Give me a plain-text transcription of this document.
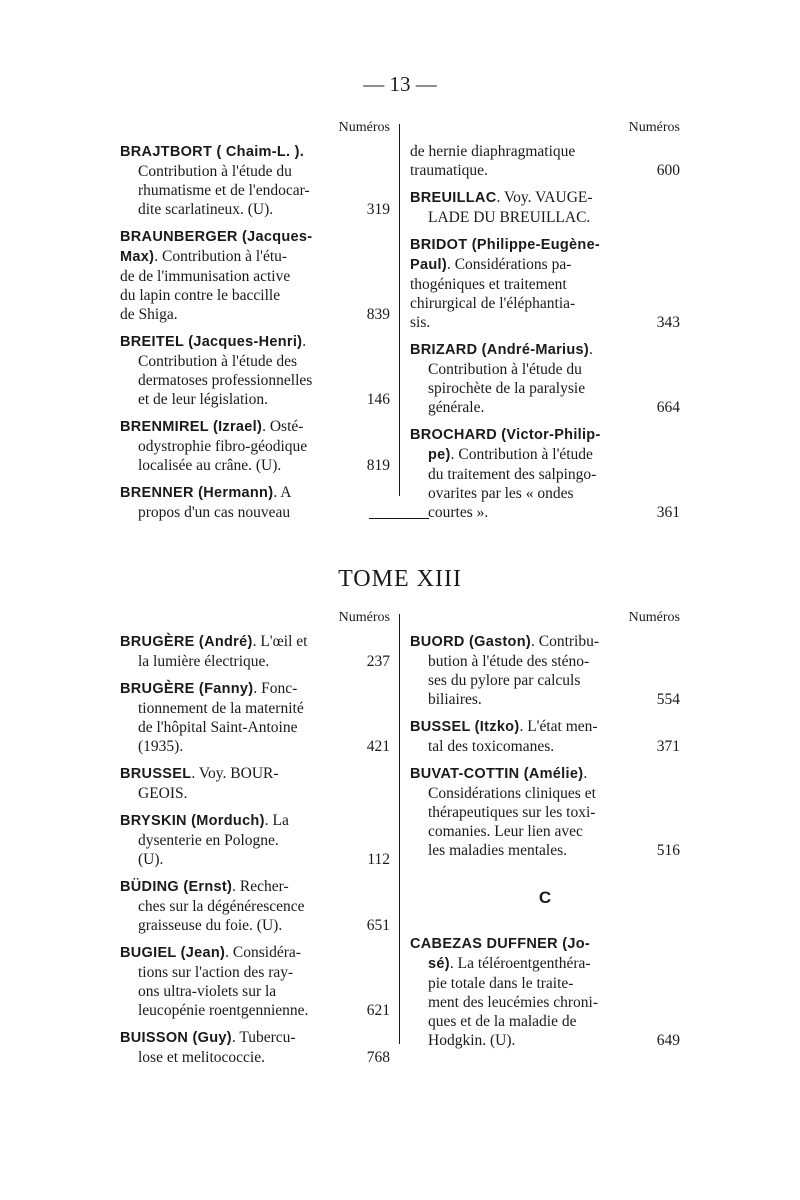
— 13 —
Numéros
BRAJTBORT ( Chaim-L. ).
Contribution à l'étude du
rhumatisme et de l'endocar-
dite scarlatineux. (U).	319
BRAUNBERGER (Jacques-
Max). Contribution à l'étu-
de de l'immunisation active
du lapin contre le baccille
de Shiga.	839
BREITEL (Jacques-Henri).
Contribution à l'étude des
dermatoses professionnelles
et de leur législation.	146
BRENMIREL (Izrael). Osté-
odystrophie fibro-géodique
localisée au crâne. (U).	819
BRENNER (Hermann). A
propos d'un cas nouveau
Numéros
de hernie diaphragmatique
traumatique.	600
BREUILLAC. Voy. VAUGE-
LADE DU BREUILLAC.
BRIDOT (Philippe-Eugène-
Paul). Considérations pa-
thogéniques et traitement
chirurgical de l'éléphantia-
sis.	343
BRIZARD (André-Marius).
Contribution à l'étude du
spirochète de la paralysie
générale.	664
BROCHARD (Victor-Philip-
pe). Contribution à l'étude
du traitement des salpingo-
ovarites par les « ondes
courtes ».	361
TOME XIII
Numéros
BRUGÈRE (André). L'œil et
la lumière électrique.	237
BRUGÈRE (Fanny). Fonc-
tionnement de la maternité
de l'hôpital Saint-Antoine
(1935).	421
BRUSSEL. Voy. BOUR-
GEOIS.
BRYSKIN (Morduch). La
dysenterie en Pologne.
(U).	112
BÜDING (Ernst). Recher-
ches sur la dégénérescence
graisseuse du foie. (U).	651
BUGIEL (Jean). Considéra-
tions sur l'action des ray-
ons ultra-violets sur la
leucopénie roentgennienne.	621
BUISSON (Guy). Tubercu-
lose et melitococcie.	768
Numéros
BUORD (Gaston). Contribu-
bution à l'étude des sténo-
ses du pylore par calculs
biliaires.	554
BUSSEL (Itzko). L'état men-
tal des toxicomanes.	371
BUVAT-COTTIN (Amélie).
Considérations cliniques et
thérapeutiques sur les toxi-
comanies. Leur lien avec
les maladies mentales.	516
C
CABEZAS DUFFNER (Jo-
sé). La téléroentgenthéra-
pie totale dans le traite-
ment des leucémies chroni-
ques et de la maladie de
Hodgkin. (U).	649
